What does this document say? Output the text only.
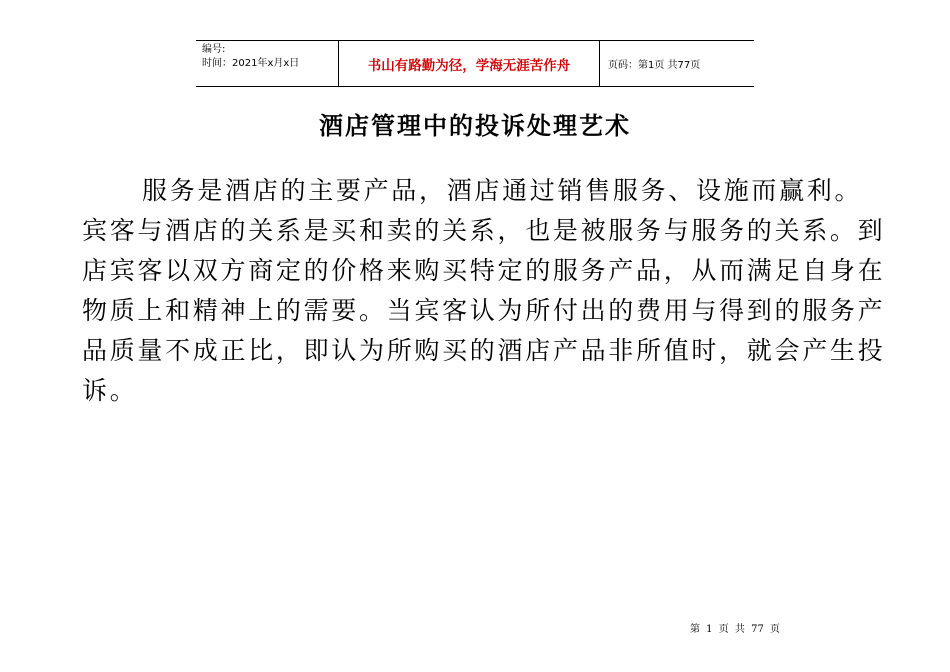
编号:
时间：2021年x月x日	书山有路勤为径，学海无涯苦作舟	页码：第1页 共77页
酒店管理中的投诉处理艺术
服务是酒店的主要产品，酒店通过销售服务、设施而赢利。宾客与酒店的关系是买和卖的关系，也是被服务与服务的关系。到店宾客以双方商定的价格来购买特定的服务产品，从而满足自身在物质上和精神上的需要。当宾客认为所付出的费用与得到的服务产品质量不成正比，即认为所购买的酒店产品非所值时，就会产生投诉。
第 1 页 共 77 页
